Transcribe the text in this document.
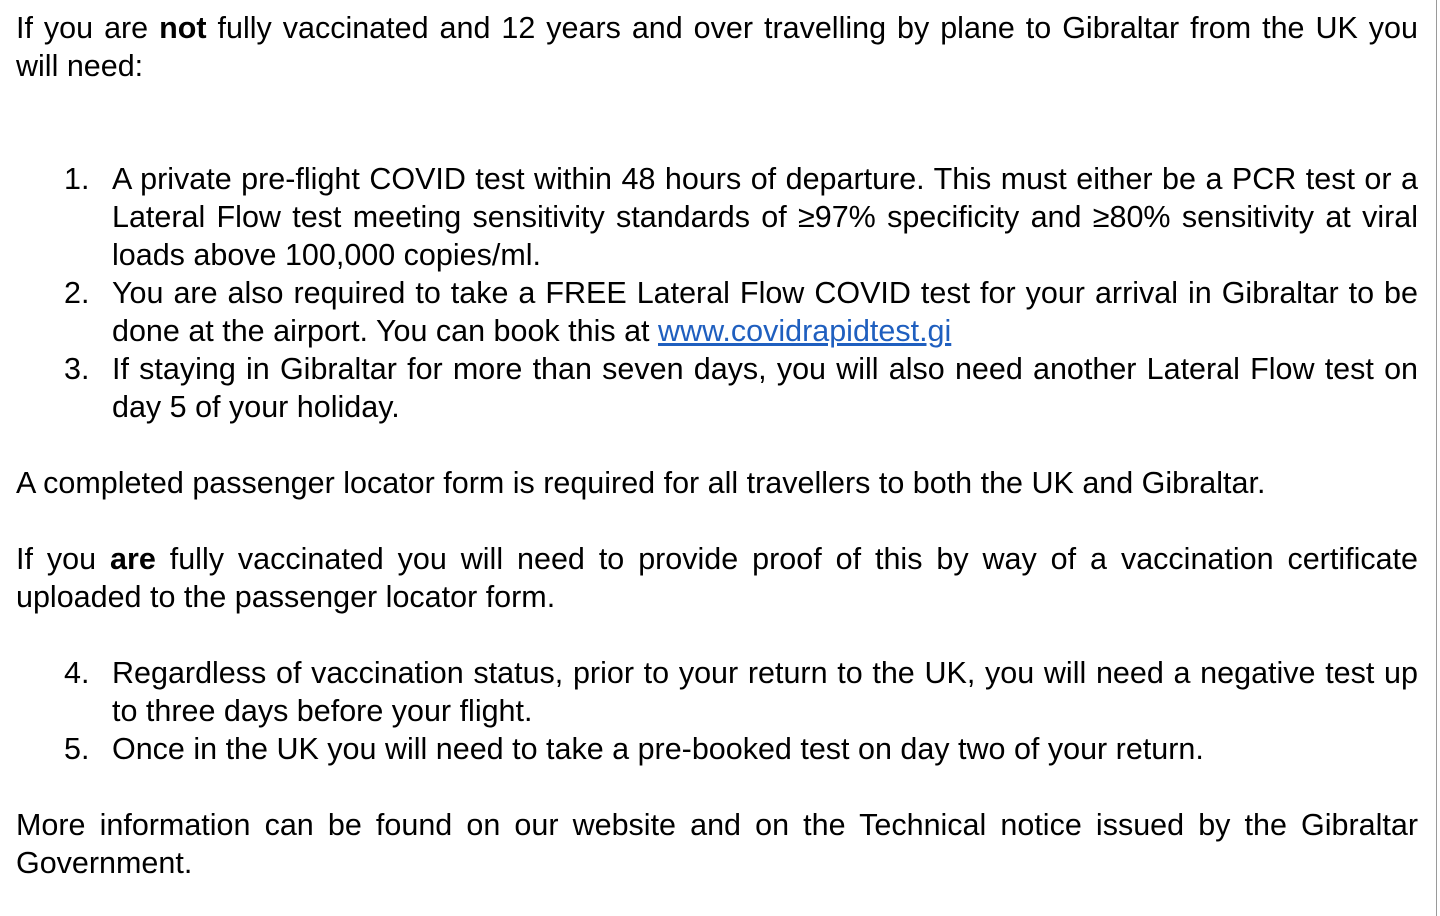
If you are not fully vaccinated and 12 years and over travelling by plane to Gibraltar from the UK you will need:

1. A private pre-flight COVID test within 48 hours of departure. This must either be a PCR test or a Lateral Flow test meeting sensitivity standards of ≥97% specificity and ≥80% sensitivity at viral loads above 100,000 copies/ml.
2. You are also required to take a FREE Lateral Flow COVID test for your arrival in Gibraltar to be done at the airport. You can book this at www.covidrapidtest.gi
3. If staying in Gibraltar for more than seven days, you will also need another Lateral Flow test on day 5 of your holiday.

A completed passenger locator form is required for all travellers to both the UK and Gibraltar.

If you are fully vaccinated you will need to provide proof of this by way of a vaccination certificate uploaded to the passenger locator form.

4. Regardless of vaccination status, prior to your return to the UK, you will need a negative test up to three days before your flight.
5. Once in the UK you will need to take a pre-booked test on day two of your return.

More information can be found on our website and on the Technical notice issued by the Gibraltar Government.
